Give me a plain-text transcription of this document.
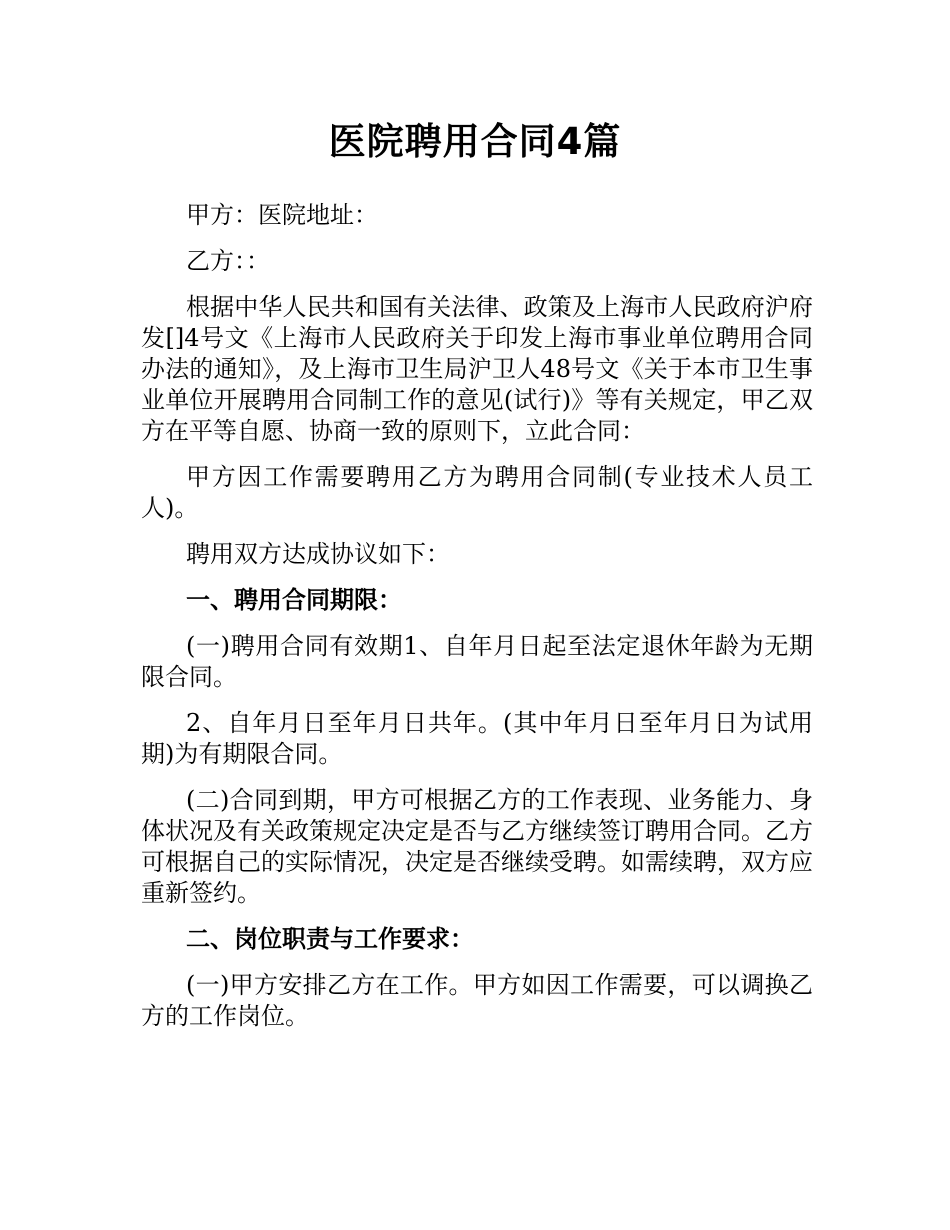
医院聘用合同4篇

甲方：医院地址：

乙方：：

根据中华人民共和国有关法律、政策及上海市人民政府沪府发[]4号文《上海市人民政府关于印发上海市事业单位聘用合同办法的通知》，及上海市卫生局沪卫人48号文《关于本市卫生事业单位开展聘用合同制工作的意见(试行)》等有关规定，甲乙双方在平等自愿、协商一致的原则下，立此合同：

甲方因工作需要聘用乙方为聘用合同制(专业技术人员工人)。

聘用双方达成协议如下：

一、聘用合同期限：

(一)聘用合同有效期1、自年月日起至法定退休年龄为无期限合同。

2、自年月日至年月日共年。(其中年月日至年月日为试用期)为有期限合同。

(二)合同到期，甲方可根据乙方的工作表现、业务能力、身体状况及有关政策规定决定是否与乙方继续签订聘用合同。乙方可根据自己的实际情况，决定是否继续受聘。如需续聘，双方应重新签约。

二、岗位职责与工作要求：

(一)甲方安排乙方在工作。甲方如因工作需要，可以调换乙方的工作岗位。
